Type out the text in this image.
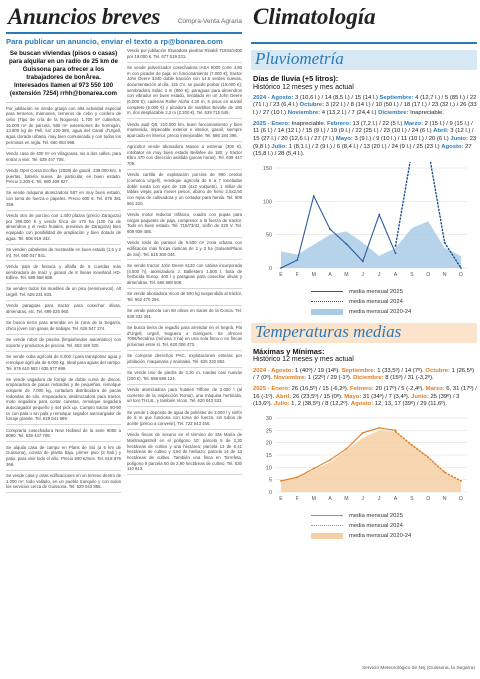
Anuncios breves	Compra-Venta Agraria
Para publicar un anuncio, enviar el texto a rp@bonarea.com
Se buscan viviendas (pisos o casas) para alquilar en un radio de 25 km de Guissona para ofrecer a los trabajadores de bonÀrea. Interesados llamen al 973 550 100 (extensión 7254) rrhh@bonarea.com
Por jubilación se vende granja con alta actividad especial para terneros, mamones, terneros de cebo y cordero de cebo (Tipo de cría de la Noguera). 1.700 m² cubiertos, 16.000 m² de parcela, 580 m² extensiones de hormigón, 13.800 kg de Pell, luz 220-380, agua del Canal d'Urgell, agua clorada urbana, muy bien comunicada y con todos los permisos en regla. Tel. 660 084 998.
Vendo casa de 400 m² en Vilagrassa, sis a dos calles, para entrar a vivir. Tel. 639 447 708.
Vendo Opel Corsa Ecoflex (2008) de gasoil, 239.000 km, 5 puertas, bateria nueva, de particular, en buen estado. Precio 2.200 €. Tel. 680 409 827.
Se vende máquina atomizadora 587 en muy buen estado, con toma de fuerza e papeles. Precio 600 €. Tel. 679 381 259.
Vendo otro de porcino con 1.400 plazas (precio Zaragoza) por 208.000 € y vendo finca de 170 ha (100 ha de almendros y el resto frutales, previsiva de Zaragoza) bien equipado con posibilidad de ampliación y bien dotado de agua. Tel. 606 919 342.
Se venden cabalietes de mosteable en buen estado (1,5 y 2 m). Tel. 650 047 841.
Vendo pala de festuca y alfalfa de 6 cuerdas más sembradora de maíz y girasol de 8 líneas Kewrland HD-Edline. Tel. 699 558 688.
Se venden todos los muebles de un piso (seminuevos), Alt Urgell. Tel. 626 231 833.
Vendo paragüas para tractor para cosechar olivas, almendras, etc. Tel. 699 026 960.
Se busca tierra para arrendar en la zona de la Segarra, chico joven con ganas de trabajar. Tel. 626 547 174.
Se vende robot de piscina (limpiafondos automático) con soporte y productos de piscina. Tel. 653 169 320.
Se vende cuba agrícola de 8.000 l para transportar agua y remolque agrícola de 6.000 kg. Ideal para aguas del campo. Tel. 676 610 682 / 635 577 699.
Se vende vagadora de forraje de doble curva de discos, empacadora de pacas redondas y de pequeñas, remolque volquete de 7.000 kg, cortadora distribuidora de pacas redondas de silo, empacadora, desbrozadora para tractor, moto segadora para cortar cunetas, remolque segadora autocargador pequeño y 4x4 pick up. Compro tractor 60-90 cv con pala o sin pala y remolque segador autocargador de forraje grande. Tel. 629 941 999.
Compraría cosechadora New Holland de la serie 8050 a 8090. Tel. 639 447 708.
Se alquila casa de campo en Plans de Sió (a 5 km de Guissona), consta de planta baja, primer piso (3 hab.) y patio, para vivir todo el año. Precio 600 €/mes. Tel. 618 876 366.
Se vende casa y otras edificaciones en un terreno dentro de 1.000 m², todo vallado, en un pueblo tranquilo y con todos los servicios cerca de Guissona. Tel. 629 043 855.
Vendo por jubilación trituradora piedras Rinaldi T1834/2400 por 18.000 €. Tel. 677 519 231.
Se vende pulverizador cosechadora IASA 5000 corte 4,80 m con picador de paja, en funcionamiento (7.000 €); tractor John Deere 3340 doble tracción con 14.6 verdes nuevas, documentación al día, 115 CV, se puede probar (15.000 €); sembradora Solac 3 m (800 €); paraguas para almendros con vibrador en buen estado, instalado en un John Deere (6.000 €); cadenas Roller Aloha 4,20 m, 5 pisos en auvinil completo (6.000 €) y picadora de martillos Bevidle de 180 m, doc desplazable 2,2 m (2.200 €). Tel. 639 715 545.
Vendo audi Q5, 210.000 km, buen funcionamiento y bien mantenido, impecable exterior e interior, gasoil, siempre aparcado en interior, precio inmejorable. Tel. 686 184 396.
Agricultor vende abonadora Masos a estrenar (300 €), rotobator en muy buen estado Bellafee de 180, y tractor Ebro 470 con dirección asistida (pocas horas). Tel. 639 447 709.
Vendo cartilla de explotación porcina de 960 cerdos (comarca Urgell), remolque agrícola de 6 a 7 toneladas doble rueda con ejes de 135 (4x2 volquete), 1 millar de tablas viejas para mover pesos, abono de heno 2,5x2,50 con rejas de cultivadora y un cortador para henila. Tel. 609 661 210.
Vendo motor reductor trifásico, cuadro con pupas para cargar paquetes de paja, compresor a la fuerza de tractor. Todo en buen estado. Tel. 715/73/42, sinfín de 220 V. Tel. 608 939 485.
Vendo toldo de parasol de 6.500 m² zona urbana con edificación más fincas rústicas de 2 y 3 ha (Solsets/Plans de Sió). Tel. 615 300 044.
Se vende tractor John Deere 6120 con cabina incorporada (4.500 h), atomizadora J. Ballestero 1.500 l, bota de herbicida Europ. 400 l y paraguas para cosechar olivas y almendras. Tel. 655 688 608.
Se vende abonadora Vicon de 500 kg suspendida al tractor. Tel. 662 470 294.
Se vende parcela con 80 olivos en Sanet de la Conca. Tel. 639 332 291.
Se busca tierra de regadío para arrendar en el Segrià, Pla d'Urgell, Urgell, Noguera o Garrigues. Se ofrecen 700€/hectárea (mínima 3 ha) en una sola finca o en fincas próximas entre sí. Tel. 620 006 473.
Se compran derechos PAC, explotaciones enteras por jubilación, maquinaria y animales. Tel. 626 220 852.
Se vende uno de piedra de 2,30 m, ruedas casi nuevas (200 €). Tel. 686 588 124.
Vendo atomizadora para frutales Tiffone de 2.000 l (al corriente de la inspección Roma), una máquina herbicida, un toro TH14L, y también Vicon. Tel. 620 043 533.
Se vende 1 depósito de agua de poliéster de 3.000 l y sinfín de 6 m que funciona con toma de fuerza, sin tubos de aceite (precio a convenir). Tel. 722 543 456.
Vendo fincas de secano en el término de Sta María de Montmagastrell en el polígono 10: parcela 5 de 2,30 hectáreas de cultivo y una hectárea; parcela 13 de 6,41 hectáreas de cultivo y 4,60 de herbazo; parcela 14 de 13 hectáreas de cultivo. También una finca en Torrefeta, polígono 9 parcela 50 de 2,90 hectáreas de cultivo. Tel. 630 110 813.
Climatología
Pluviometría
Días de lluvia (+5 litros):
Histórico 12 meses y mes actual
2024 - Agosto: 3 (10,6 l.) / 14 (8,5 l.) / 15 (14 l.) Septiembre: 4 (12,7 l.) / 5 (85 l.) / 22 (71 l.) / 23 (6,4 l.) Octubre: 3 (22 l.) / 8 (14 l.) / 10 (50 l.) / 18 (17 l.) / 23 (32 l.) / 26 (33 l.) / 27 (10 l.) Noviembre: 4 (13,2 l.) / 7 (24,4 l.) Diciembre: Inapreciable.
2025 - Enero: Inapreciable. Febrero: 13 (7,2 l.) / 22 (5 l.) Marzo: 2 (15 l.) / 9 (15 l.) / 11 (6 l.) / 14 (12 l.) / 15 (9 l.) / 19 (9 l.) / 22 (25 l.) / 23 (10 l.) / 24 (6 l.) Abril: 3 (12 l.) / 15 (27 l.) / 20 (12,6 l.) / 27 (7 l.) Mayo: 3 (9 l.) / 9 (10 l.) / 11 (10 l.) / 20 (6 l.) Junio: 23 (9,8 l.) Julio: 1 (8,1 l.) / 2 (9 l.) / 6 (8,4 l.) / 13 (20 l.) / 24 (9 l.) / 25 (23 l.) Agosto: 27 (15,8 l.) / 28 (5,4 l.).
0
50
100
150
E	F M A M J	J	A S O N D
media mensual 2025
media mensual 2024
media mensual 2020-24
Temperaturas medias
Máximas y Mínimas:
Histórico 12 meses y mes actual
2024 - Agosto: 1 (40º) / 19 (14º). Septiembre: 1 (33,5º) / 14 (7º). Octubre: 1 (26,5º) / 7 (0º). Noviembre: 1 (22º) / 29 (-1º). Diciembre: 8 (15º) / 31 (-3,2º).
2025 - Enero: 26 (16,5º) / 15 (-6,2º). Febrero: 20 (17º) / 5 (-2,4º). Marzo: 6, 31 (17º) / 16 (-1º). Abril: 26 (23,5º) / 15 (0º). Mayo: 31 (34º) / 7 (3,4º). Junio: 25 (39º) / 3 (13,6º). Julio: 1, 2 (38,5º) / 8 (12,2º). Agosto: 12, 13, 17 (39º) / 29 (11,6º).
0
5
10
15
20
25
30
E	F M A M J	J	A S O N D
media mensual 2025
media mensual 2024
media mensual 2020-24
Servicio Meteorológico de Nsj (Guissona, la Segarra)
